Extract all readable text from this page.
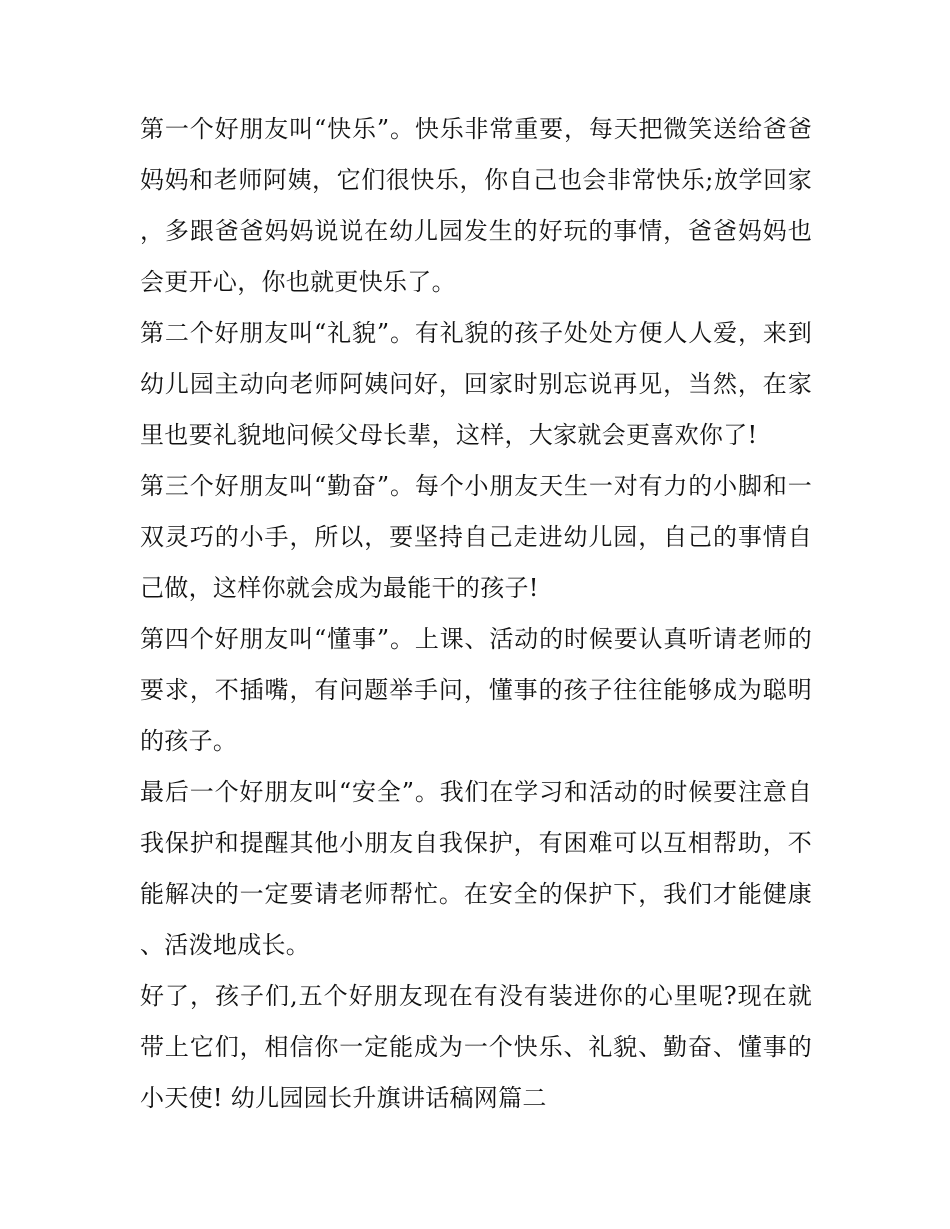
第一个好朋友叫“快乐”。快乐非常重要，每天把微笑送给爸爸妈妈和老师阿姨，它们很快乐，你自己也会非常快乐;放学回家，多跟爸爸妈妈说说在幼儿园发生的好玩的事情，爸爸妈妈也会更开心，你也就更快乐了。

第二个好朋友叫“礼貌”。有礼貌的孩子处处方便人人爱，来到幼儿园主动向老师阿姨问好，回家时别忘说再见，当然，在家里也要礼貌地问候父母长辈，这样，大家就会更喜欢你了!

第三个好朋友叫“勤奋”。每个小朋友天生一对有力的小脚和一双灵巧的小手，所以，要坚持自己走进幼儿园，自己的事情自己做，这样你就会成为最能干的孩子!

第四个好朋友叫“懂事”。上课、活动的时候要认真听请老师的要求，不插嘴，有问题举手问，懂事的孩子往往能够成为聪明的孩子。

最后一个好朋友叫“安全”。我们在学习和活动的时候要注意自我保护和提醒其他小朋友自我保护，有困难可以互相帮助，不能解决的一定要请老师帮忙。在安全的保护下，我们才能健康、活泼地成长。

好了，孩子们,五个好朋友现在有没有装进你的心里呢?现在就带上它们，相信你一定能成为一个快乐、礼貌、勤奋、懂事的小天使! 幼儿园园长升旗讲话稿网篇二
